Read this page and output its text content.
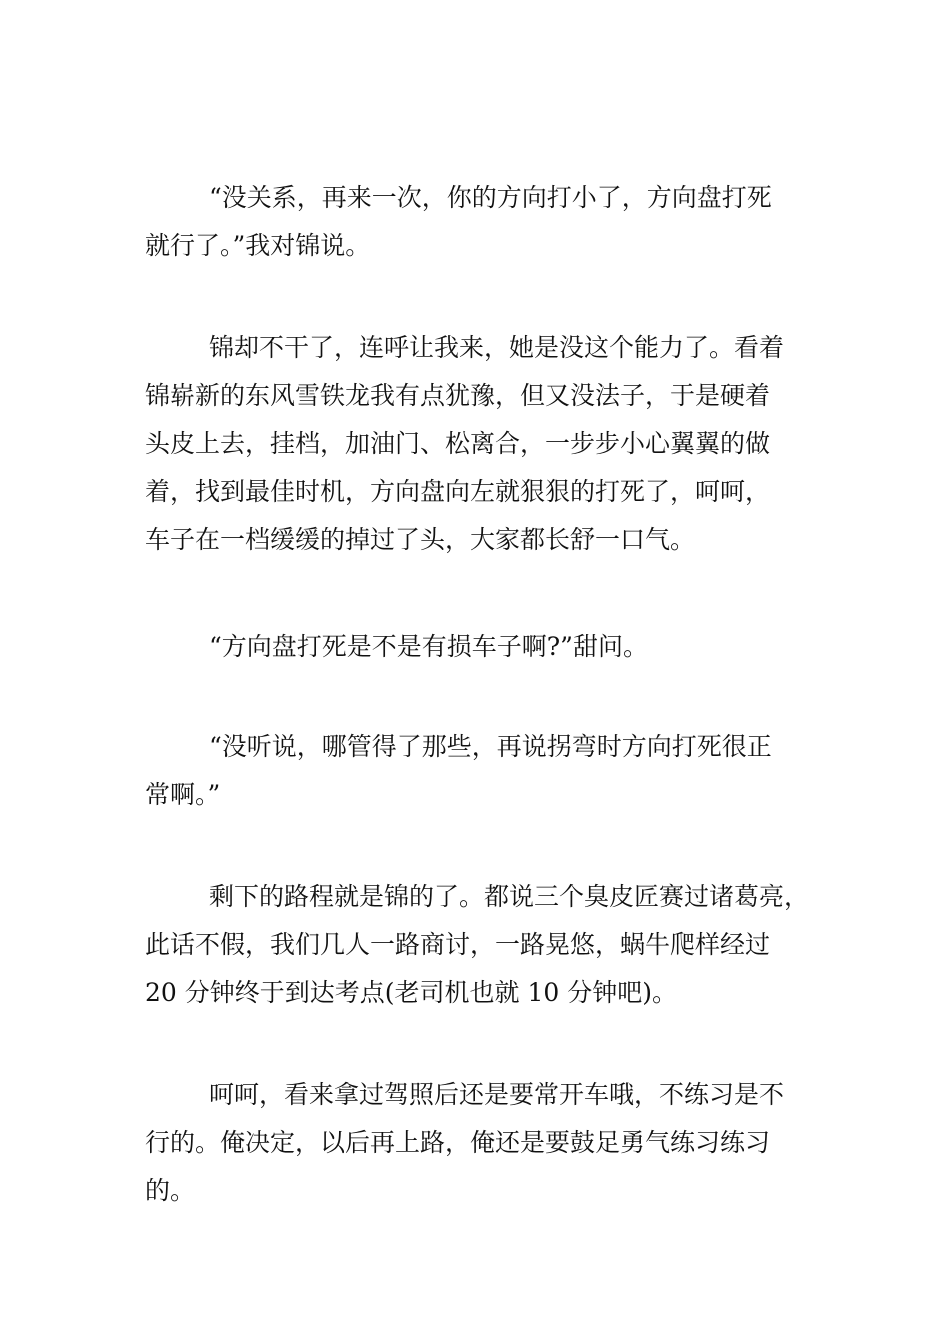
“没关系，再来一次，你的方向打小了，方向盘打死
就行了。”我对锦说。
锦却不干了，连呼让我来，她是没这个能力了。看着
锦崭新的东风雪铁龙我有点犹豫，但又没法子，于是硬着
头皮上去，挂档，加油门、松离合，一步步小心翼翼的做
着，找到最佳时机，方向盘向左就狠狠的打死了，呵呵，
车子在一档缓缓的掉过了头，大家都长舒一口气。
“方向盘打死是不是有损车子啊?”甜问。
“没听说，哪管得了那些，再说拐弯时方向打死很正
常啊。”
剩下的路程就是锦的了。都说三个臭皮匠赛过诸葛亮，
此话不假，我们几人一路商讨，一路晃悠，蜗牛爬样经过
20 分钟终于到达考点(老司机也就 10 分钟吧)。
呵呵，看来拿过驾照后还是要常开车哦，不练习是不
行的。俺决定，以后再上路，俺还是要鼓足勇气练习练习
的。
